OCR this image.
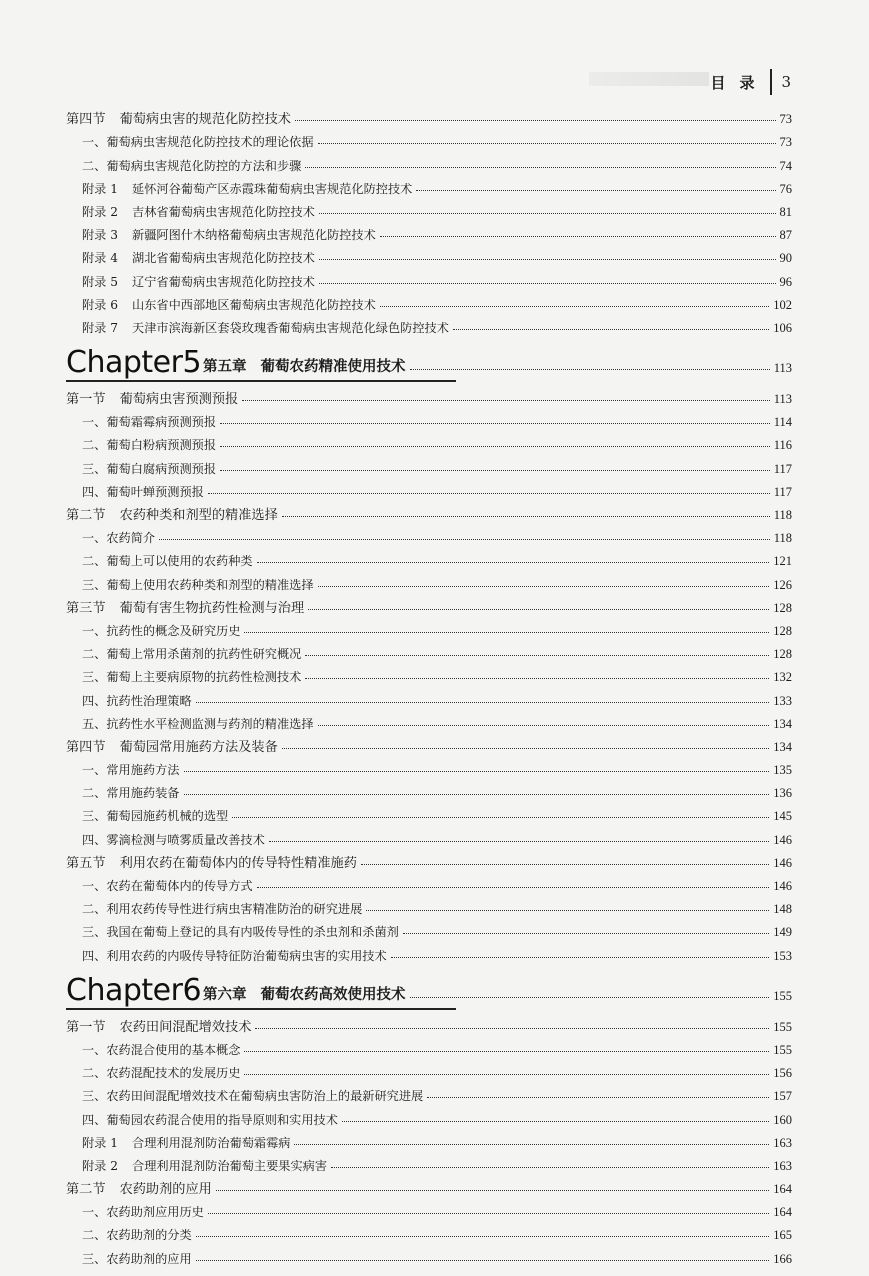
目录 3
第四节 葡萄病虫害的规范化防控技术	73
一、葡萄病虫害规范化防控技术的理论依据	73
二、葡萄病虫害规范化防控的方法和步骤	74
附录 1 延怀河谷葡萄产区赤霞珠葡萄病虫害规范化防控技术	76
附录 2 吉林省葡萄病虫害规范化防控技术	81
附录 3 新疆阿图什木纳格葡萄病虫害规范化防控技术	87
附录 4 湖北省葡萄病虫害规范化防控技术	90
附录 5 辽宁省葡萄病虫害规范化防控技术	96
附录 6 山东省中西部地区葡萄病虫害规范化防控技术	102
附录 7 天津市滨海新区套袋玫瑰香葡萄病虫害规范化绿色防控技术	106
Chapter5 第五章 葡萄农药精准使用技术	113
第一节 葡萄病虫害预测预报	113
一、葡萄霜霉病预测预报	114
二、葡萄白粉病预测预报	116
三、葡萄白腐病预测预报	117
四、葡萄叶蝉预测预报	117
第二节 农药种类和剂型的精准选择	118
一、农药简介	118
二、葡萄上可以使用的农药种类	121
三、葡萄上使用农药种类和剂型的精准选择	126
第三节 葡萄有害生物抗药性检测与治理	128
一、抗药性的概念及研究历史	128
二、葡萄上常用杀菌剂的抗药性研究概况	128
三、葡萄上主要病原物的抗药性检测技术	132
四、抗药性治理策略	133
五、抗药性水平检测监测与药剂的精准选择	134
第四节 葡萄园常用施药方法及装备	134
一、常用施药方法	135
二、常用施药装备	136
三、葡萄园施药机械的选型	145
四、雾滴检测与喷雾质量改善技术	146
第五节 利用农药在葡萄体内的传导特性精准施药	146
一、农药在葡萄体内的传导方式	146
二、利用农药传导性进行病虫害精准防治的研究进展	148
三、我国在葡萄上登记的具有内吸传导性的杀虫剂和杀菌剂	149
四、利用农药的内吸传导特征防治葡萄病虫害的实用技术	153
Chapter6 第六章 葡萄农药高效使用技术	155
第一节 农药田间混配增效技术	155
一、农药混合使用的基本概念	155
二、农药混配技术的发展历史	156
三、农药田间混配增效技术在葡萄病虫害防治上的最新研究进展	157
四、葡萄园农药混合使用的指导原则和实用技术	160
附录 1 合理利用混剂防治葡萄霜霉病	163
附录 2 合理利用混剂防治葡萄主要果实病害	163
第二节 农药助剂的应用	164
一、农药助剂应用历史	164
二、农药助剂的分类	165
三、农药助剂的应用	166
